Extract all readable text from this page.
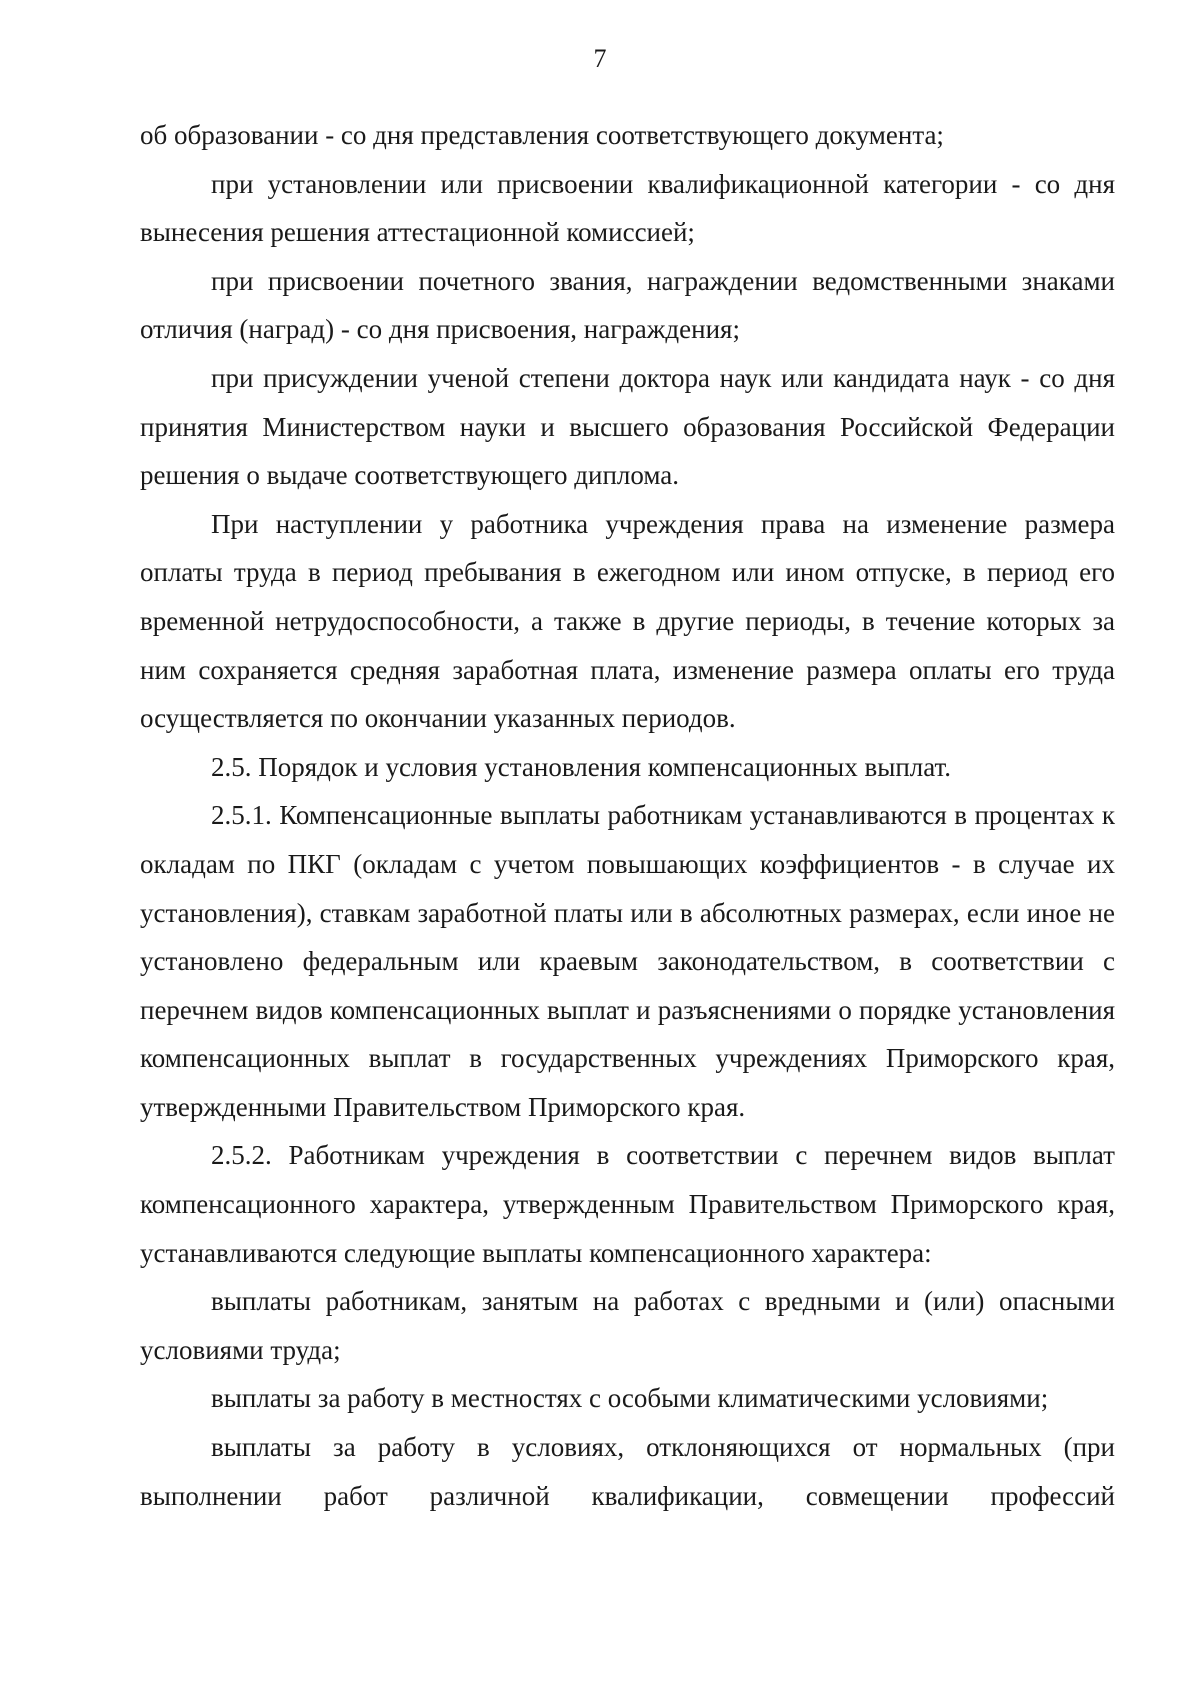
7

об образовании - со дня представления соответствующего документа;

при установлении или присвоении квалификационной категории - со дня вынесения решения аттестационной комиссией;

при присвоении почетного звания, награждении ведомственными знаками отличия (наград) - со дня присвоения, награждения;

при присуждении ученой степени доктора наук или кандидата наук - со дня принятия Министерством науки и высшего образования Российской Федерации решения о выдаче соответствующего диплома.

При наступлении у работника учреждения права на изменение размера оплаты труда в период пребывания в ежегодном или ином отпуске, в период его временной нетрудоспособности, а также в другие периоды, в течение которых за ним сохраняется средняя заработная плата, изменение размера оплаты его труда осуществляется по окончании указанных периодов.

2.5. Порядок и условия установления компенсационных выплат.

2.5.1. Компенсационные выплаты работникам устанавливаются в процентах к окладам по ПКГ (окладам с учетом повышающих коэффициентов - в случае их установления), ставкам заработной платы или в абсолютных размерах, если иное не установлено федеральным или краевым законодательством, в соответствии с перечнем видов компенсационных выплат и разъяснениями о порядке установления компенсационных выплат в государственных учреждениях Приморского края, утвержденными Правительством Приморского края.

2.5.2. Работникам учреждения в соответствии с перечнем видов выплат компенсационного характера, утвержденным Правительством Приморского края, устанавливаются следующие выплаты компенсационного характера:

выплаты работникам, занятым на работах с вредными и (или) опасными условиями труда;

выплаты за работу в местностях с особыми климатическими условиями;

выплаты за работу в условиях, отклоняющихся от нормальных (при выполнении работ различной квалификации, совмещении профессий
